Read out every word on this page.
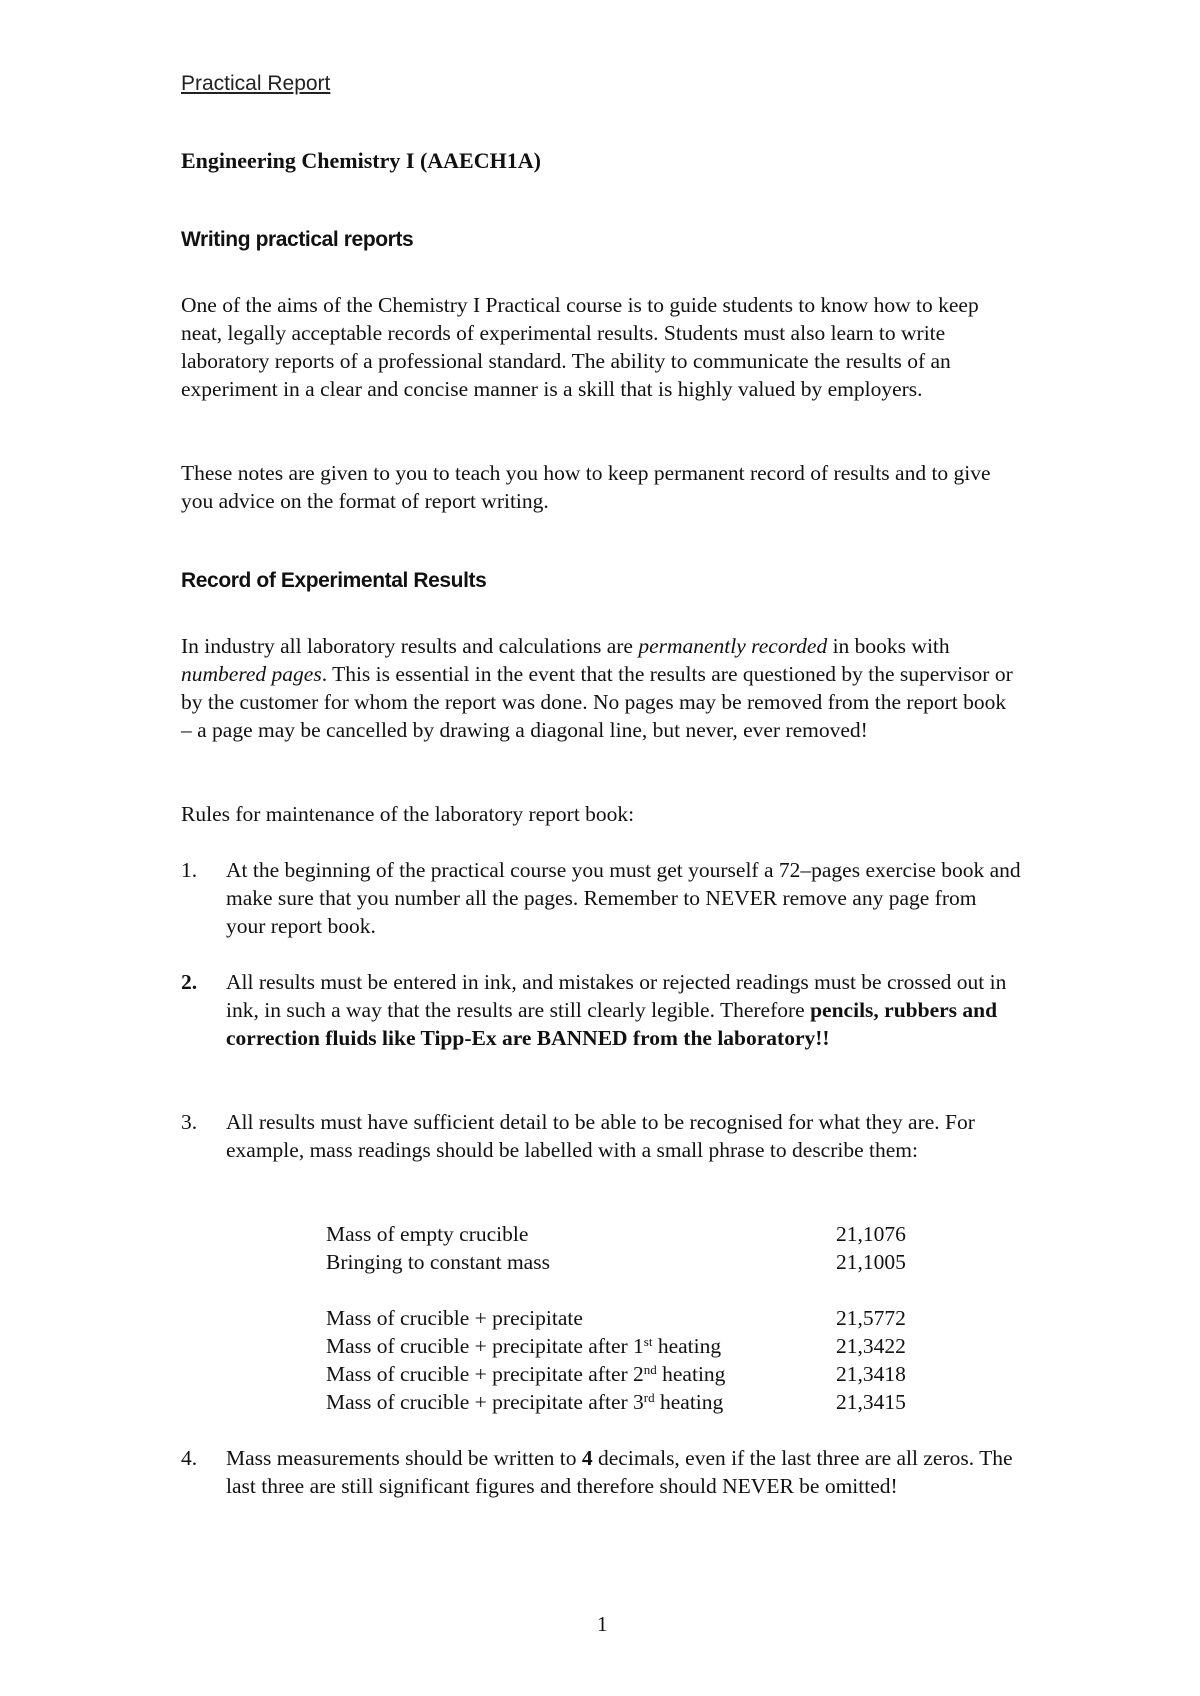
Practical Report
Engineering Chemistry I (AAECH1A)
Writing practical reports

One of the aims of the Chemistry I Practical course is to guide students to know how to keep neat, legally acceptable records of experimental results. Students must also learn to write laboratory reports of a professional standard. The ability to communicate the results of an experiment in a clear and concise manner is a skill that is highly valued by employers.

These notes are given to you to teach you how to keep permanent record of results and to give you advice on the format of report writing.

Record of Experimental Results

In industry all laboratory results and calculations are permanently recorded in books with numbered pages. This is essential in the event that the results are questioned by the supervisor or by the customer for whom the report was done. No pages may be removed from the report book – a page may be cancelled by drawing a diagonal line, but never, ever removed!

Rules for maintenance of the laboratory report book:

1. At the beginning of the practical course you must get yourself a 72–pages exercise book and make sure that you number all the pages. Remember to NEVER remove any page from your report book.

2. All results must be entered in ink, and mistakes or rejected readings must be crossed out in ink, in such a way that the results are still clearly legible. Therefore pencils, rubbers and correction fluids like Tipp-Ex are BANNED from the laboratory!!

3. All results must have sufficient detail to be able to be recognised for what they are. For example, mass readings should be labelled with a small phrase to describe them:

Mass of empty crucible	21,1076
Bringing to constant mass	21,1005
Mass of crucible + precipitate	21,5772
Mass of crucible + precipitate after 1st heating	21,3422
Mass of crucible + precipitate after 2nd heating	21,3418
Mass of crucible + precipitate after 3rd heating	21,3415
4. Mass measurements should be written to 4 decimals, even if the last three are all zeros. The last three are still significant figures and therefore should NEVER be omitted!

1
